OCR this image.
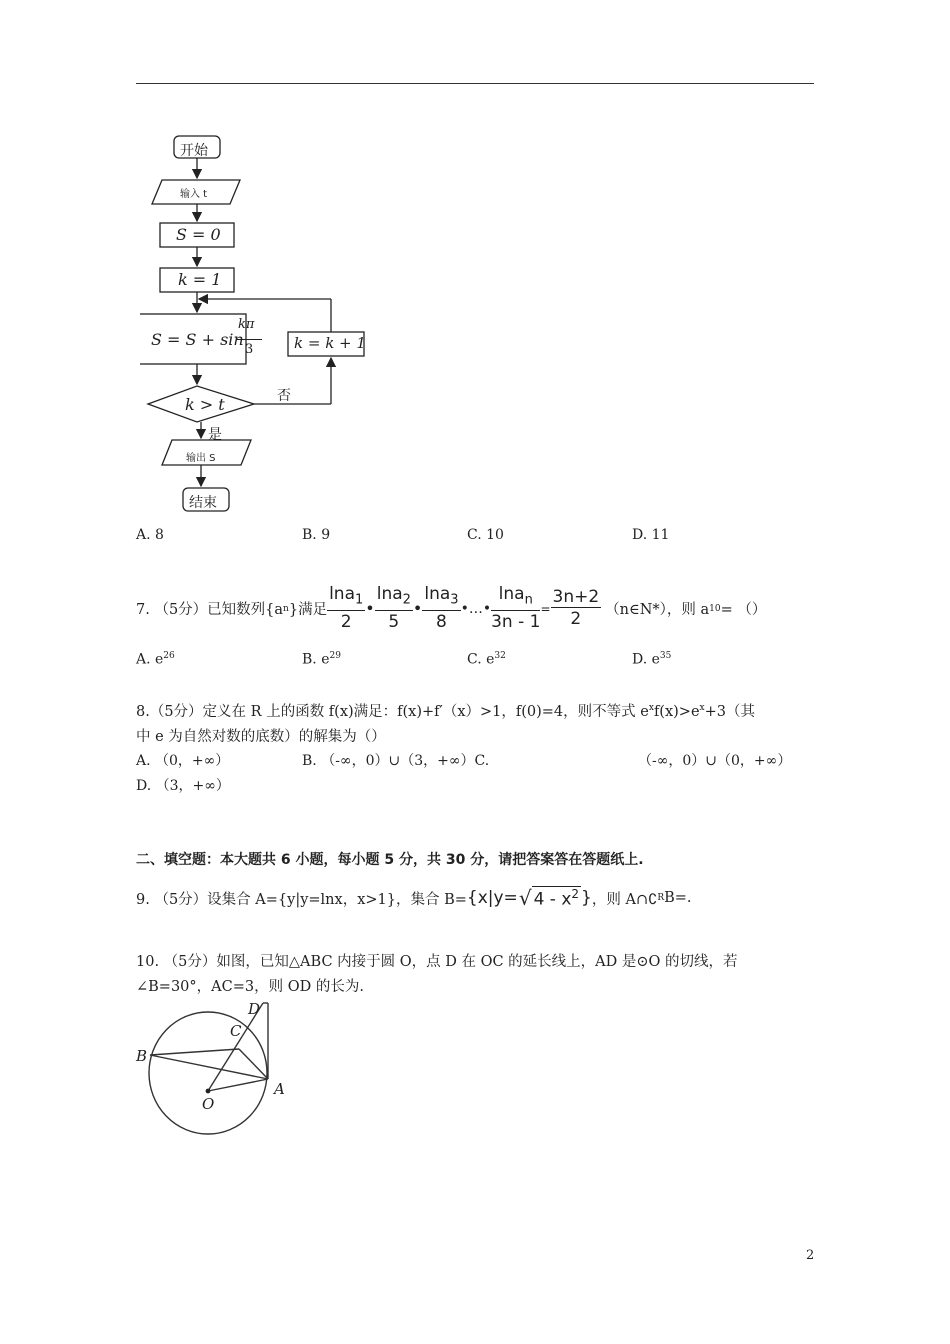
开始
输入 t
S = 0
k = 1
S = S + sin
kπ
3	k = k + 1
k > t	否
是
输出 S
结束
A. 8	B. 9	C. 10	D. 11
7. （5分）已知数列{a n }满足 $\frac{\ln a_1}{2}$ • $\frac{\ln a_2}{5}$ • $\frac{\ln a_3}{8}$ •…• $\frac{\ln a_n}{3n - 1} = \frac{3n+2}{2}$ （n∈N*），则 a 10 = （）
A. $e^{26}$	B. $e^{29}$	C. $e^{32}$	D. $e^{35}$
8.（5分）定义在 R 上的函数 f(x)满足：f(x)+f′（x）>1，f(0)=4，则不等式 $e^xf(x)>e^x+3$（其
中 e 为自然对数的底数）的解集为（）
A. （0，+∞）	B. （-∞，0）∪（3，+∞）C.	（-∞，0）∪（0，+∞）
D. （3，+∞）
二、填空题：本大题共 6 小题，每小题 5 分，共 30 分，请把答案答在答题纸上.
9. （5分）设集合 A={y|y=lnx，x>1}，集合 B= {x|y= √ $4 - x^2$ } ，则 A∩∁ R B=.
10. （5分）如图，已知△ABC 内接于圆 O，点 D 在 OC 的延长线上，AD 是⊙O 的切线，若
∠B=30°，AC=3，则 OD 的长为.
B
C
D
O
A
2
